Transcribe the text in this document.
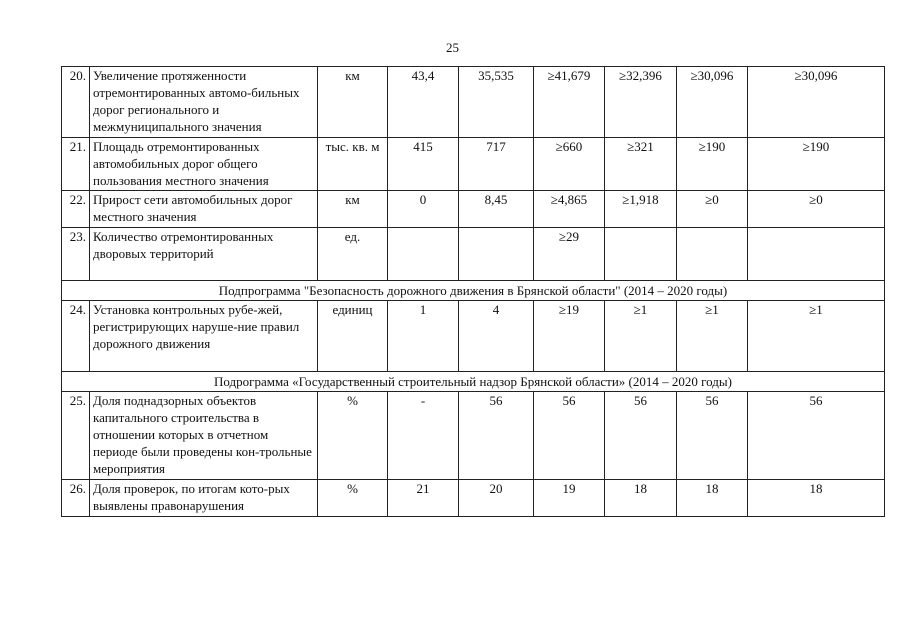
25
20.	Увеличение протяженности отремонтированных автомо-бильных дорог регионального и межмуниципального значения	км	43,4	35,535	≥41,679	≥32,396	≥30,096	≥30,096
21.	Площадь отремонтированных автомобильных дорог общего пользования местного значения	тыс. кв. м	415	717	≥660	≥321	≥190	≥190
22.	Прирост сети автомобильных дорог местного значения	км	0	8,45	≥4,865	≥1,918	≥0	≥0
23.	Количество отремонтированных дворовых территорий	ед.			≥29			
Подпрограмма "Безопасность дорожного движения в Брянской области" (2014 – 2020 годы)								
24.	Установка контрольных рубе-жей, регистрирующих наруше-ние правил дорожного движения	единиц	1	4	≥19	≥1	≥1	≥1
Подрограмма «Государственный строительный надзор Брянской области» (2014 – 2020 годы)								
25.	Доля поднадзорных объектов капитального строительства в отношении которых в отчетном периоде были проведены кон-трольные мероприятия	%	-	56	56	56	56	56
26.	Доля проверок, по итогам кото-рых выявлены правонарушения	%	21	20	19	18	18	18
